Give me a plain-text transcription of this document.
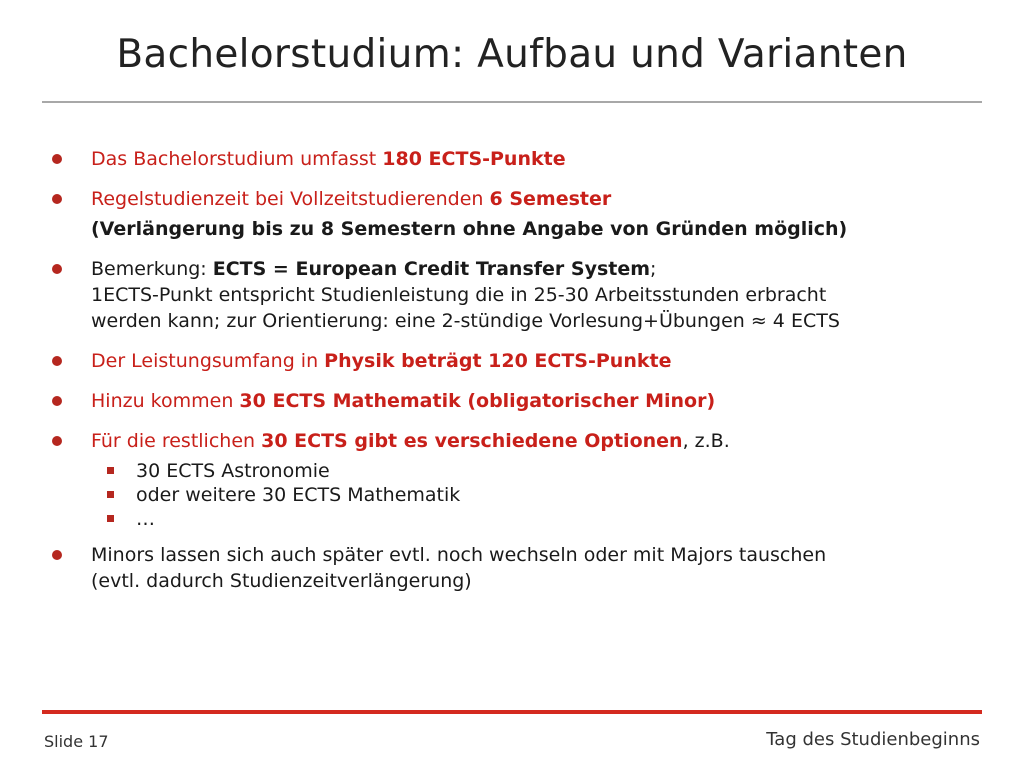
Bachelorstudium: Aufbau und Varianten
Das Bachelorstudium umfasst 180 ECTS-Punkte
Regelstudienzeit bei Vollzeitstudierenden 6 Semester
(Verlängerung bis zu 8 Semestern ohne Angabe von Gründen möglich)
Bemerkung: ECTS = European Credit Transfer System;
1ECTS-Punkt entspricht Studienleistung die in 25-30 Arbeitsstunden erbracht
werden kann; zur Orientierung: eine 2-stündige Vorlesung+Übungen ≈ 4 ECTS
Der Leistungsumfang in Physik beträgt 120 ECTS-Punkte
Hinzu kommen 30 ECTS Mathematik (obligatorischer Minor)
Für die restlichen 30 ECTS gibt es verschiedene Optionen, z.B.
30 ECTS Astronomie
oder weitere 30 ECTS Mathematik
…
Minors lassen sich auch später evtl. noch wechseln oder mit Majors tauschen
(evtl. dadurch Studienzeitverlängerung)
Slide 17	Tag des Studienbeginns
